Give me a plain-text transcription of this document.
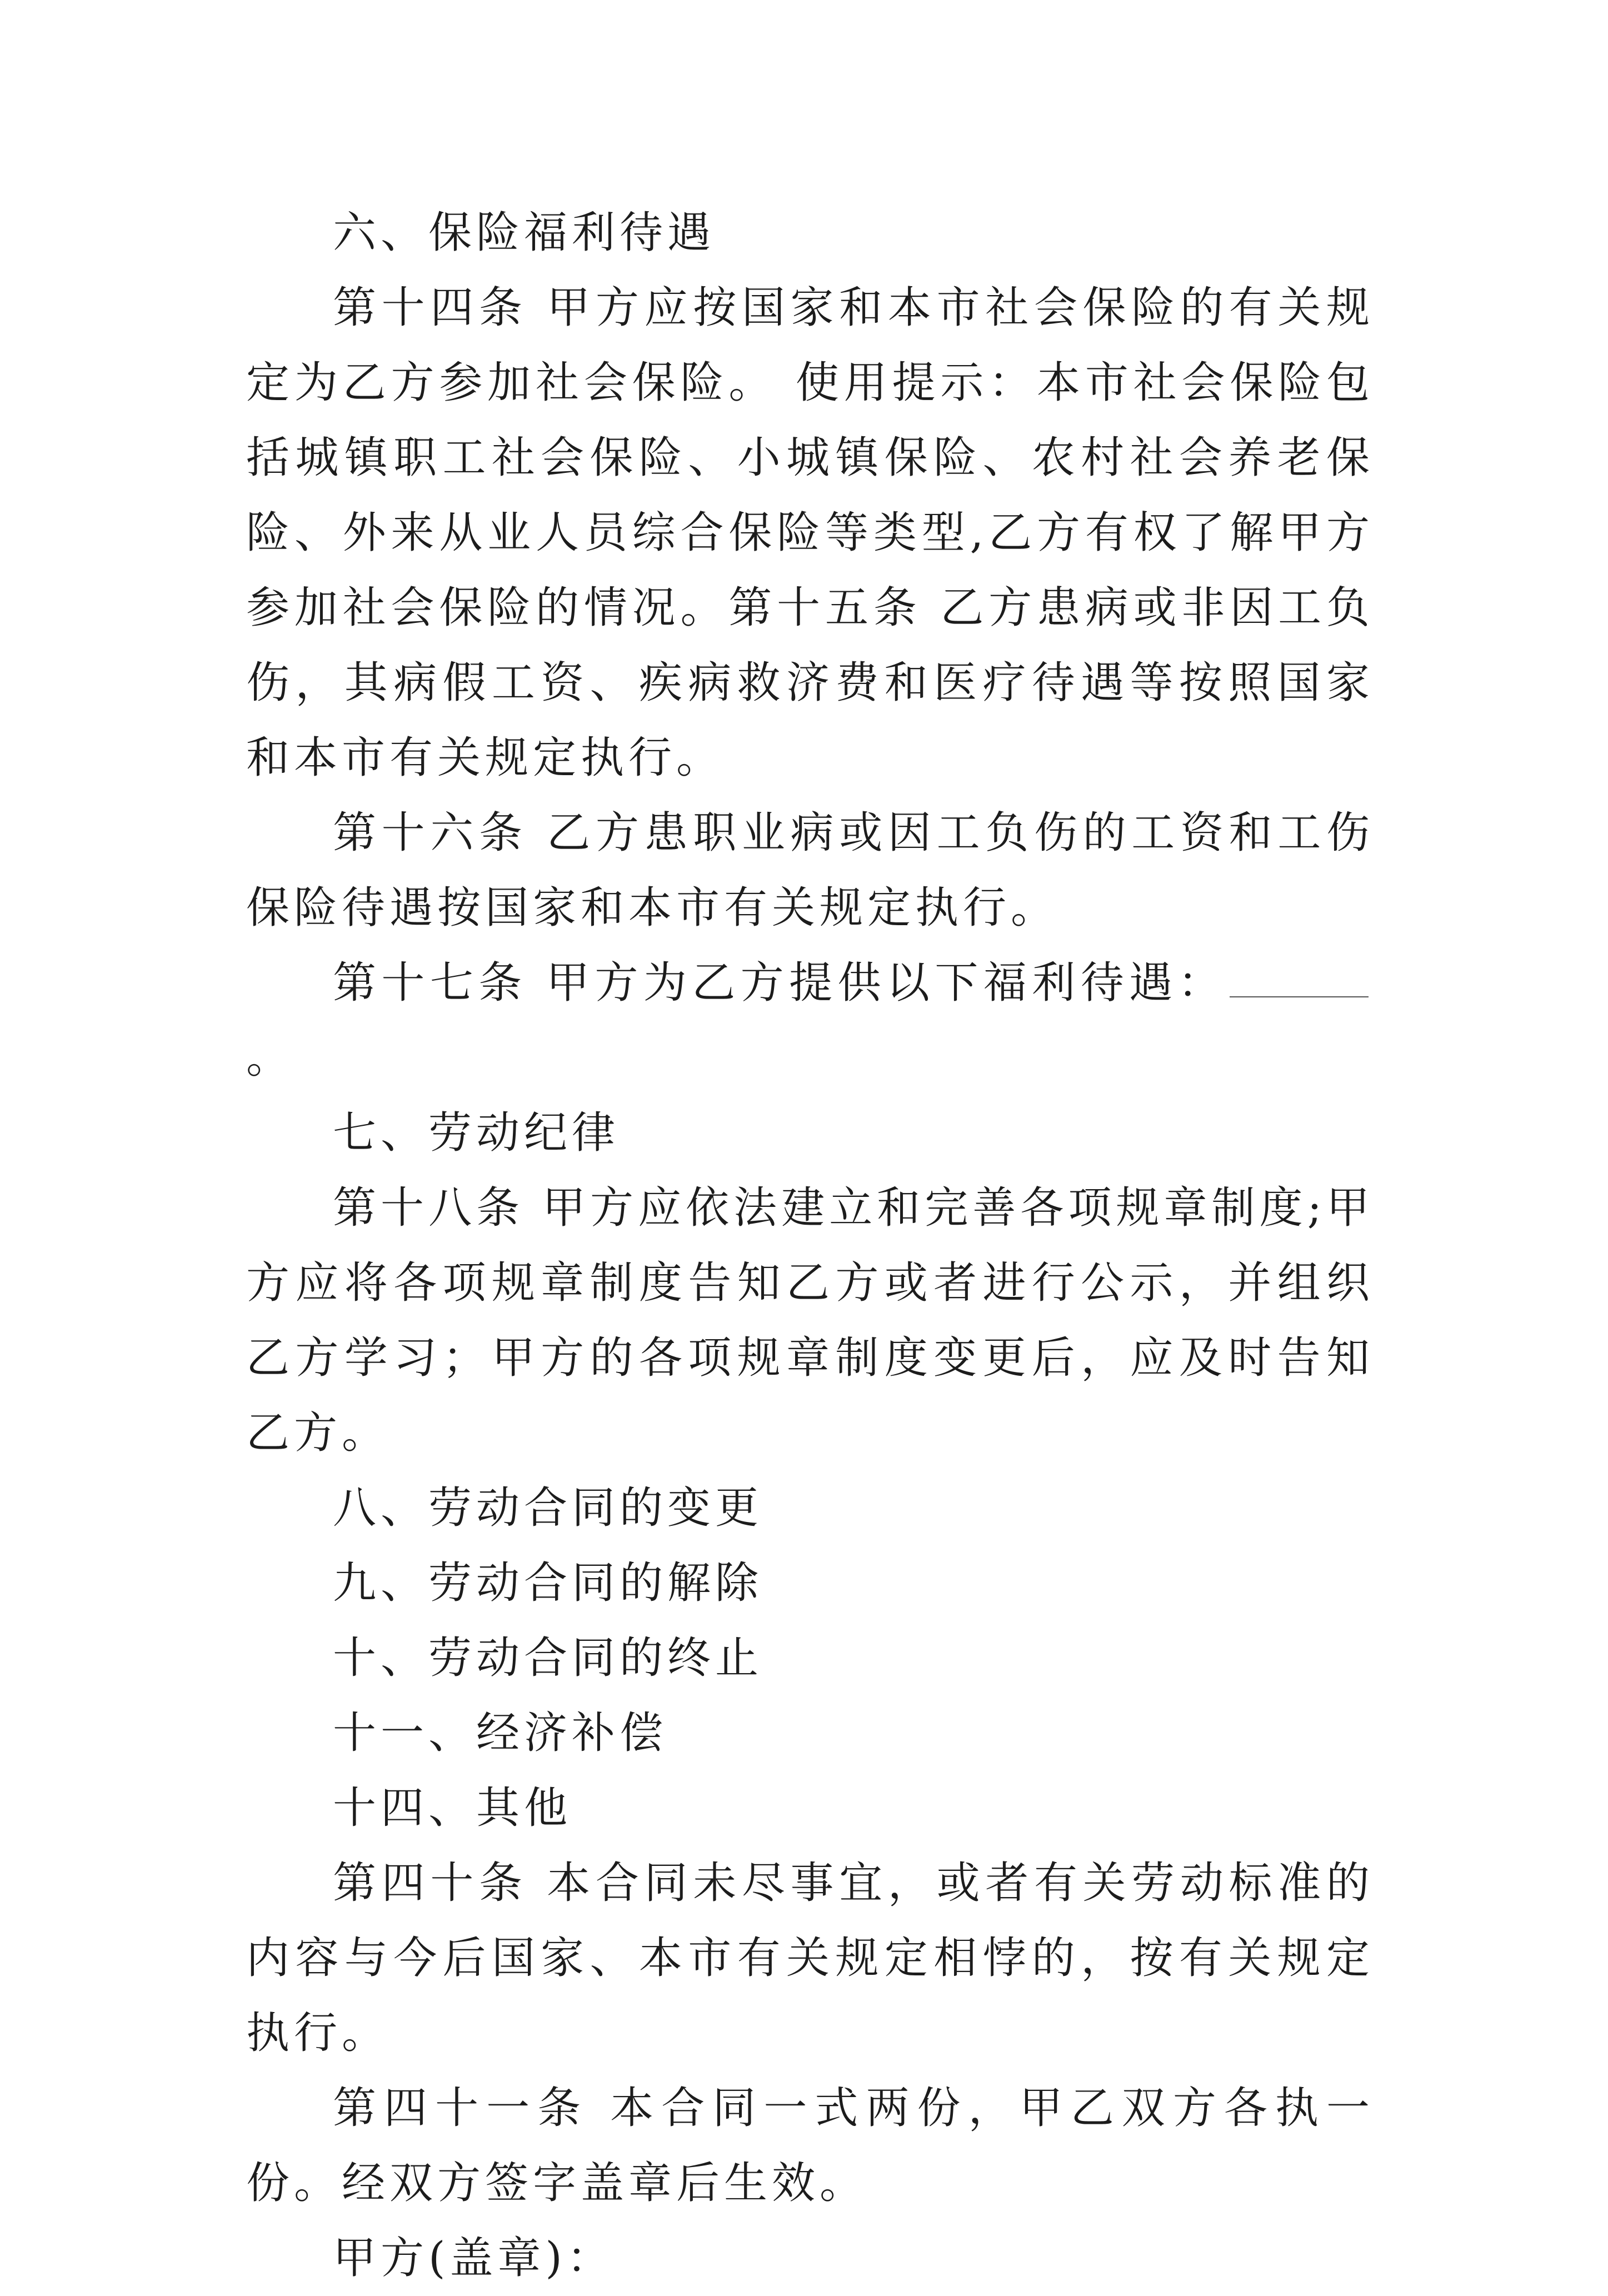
六、保险福利待遇

第十四条 甲方应按国家和本市社会保险的有关规定为乙方参加社会保险。 使用提示：本市社会保险包括城镇职工社会保险、小城镇保险、农村社会养老保险、外来从业人员综合保险等类型,乙方有权了解甲方参加社会保险的情况。第十五条 乙方患病或非因工负伤，其病假工资、疾病救济费和医疗待遇等按照国家和本市有关规定执行。

第十六条 乙方患职业病或因工负伤的工资和工伤保险待遇按国家和本市有关规定执行。

第十七条 甲方为乙方提供以下福利待遇：。

七、劳动纪律

第十八条 甲方应依法建立和完善各项规章制度;甲方应将各项规章制度告知乙方或者进行公示，并组织乙方学习；甲方的各项规章制度变更后，应及时告知乙方。

八、劳动合同的变更

九、劳动合同的解除

十、劳动合同的终止

十一、经济补偿

十四、其他

第四十条 本合同未尽事宜，或者有关劳动标准的内容与今后国家、本市有关规定相悖的，按有关规定执行。

第四十一条 本合同一式两份，甲乙双方各执一份。经双方签字盖章后生效。

甲方(盖章)：
